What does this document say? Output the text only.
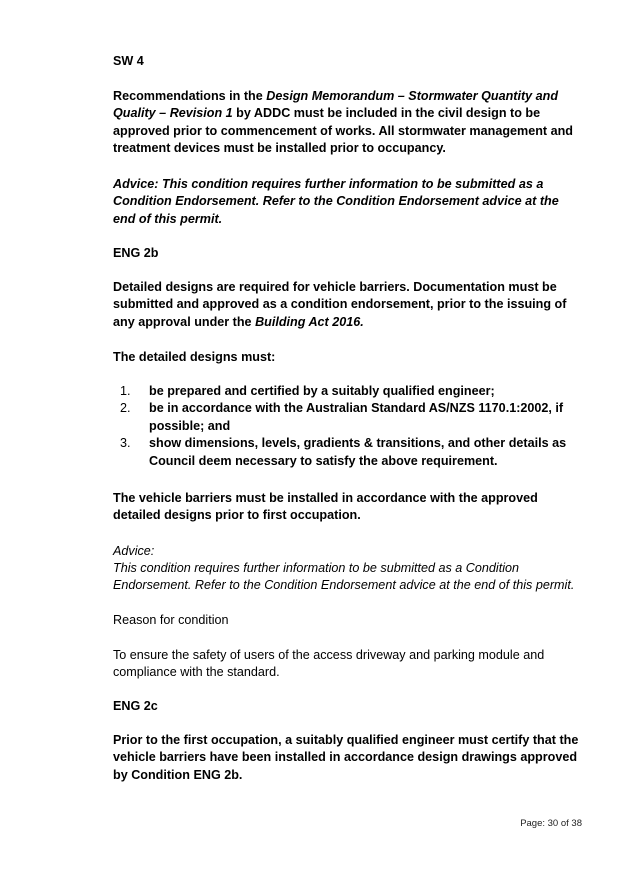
SW 4

Recommendations in the Design Memorandum – Stormwater Quantity and Quality – Revision 1 by ADDC must be included in the civil design to be approved prior to commencement of works. All stormwater management and treatment devices must be installed prior to occupancy.

Advice: This condition requires further information to be submitted as a Condition Endorsement. Refer to the Condition Endorsement advice at the end of this permit.

ENG 2b

Detailed designs are required for vehicle barriers. Documentation must be submitted and approved as a condition endorsement, prior to the issuing of any approval under the Building Act 2016.

The detailed designs must:

1. be prepared and certified by a suitably qualified engineer;
2. be in accordance with the Australian Standard AS/NZS 1170.1:2002, if possible; and
3. show dimensions, levels, gradients & transitions, and other details as Council deem necessary to satisfy the above requirement.

The vehicle barriers must be installed in accordance with the approved detailed designs prior to first occupation.

Advice:

This condition requires further information to be submitted as a Condition Endorsement. Refer to the Condition Endorsement advice at the end of this permit.

Reason for condition

To ensure the safety of users of the access driveway and parking module and compliance with the standard.

ENG 2c

Prior to the first occupation, a suitably qualified engineer must certify that the vehicle barriers have been installed in accordance design drawings approved by Condition ENG 2b.

Page: 30 of 38
